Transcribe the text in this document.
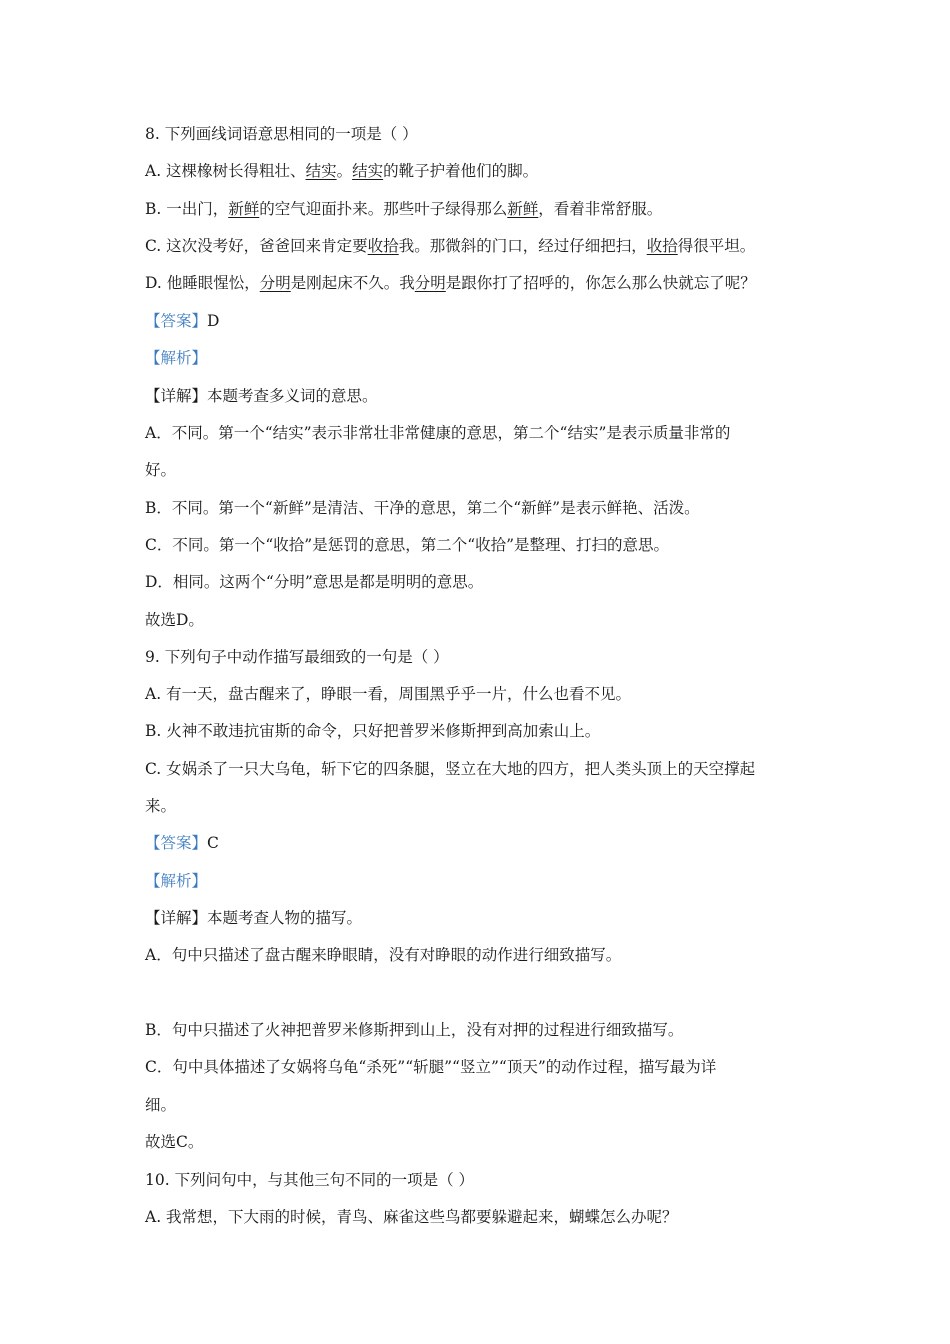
8. 下列画线词语意思相同的一项是（ ）
A. 这棵橡树长得粗壮、结实。结实的靴子护着他们的脚。
B. 一出门，新鲜的空气迎面扑来。那些叶子绿得那么新鲜，看着非常舒服。
C. 这次没考好，爸爸回来肯定要收拾我。那微斜的门口，经过仔细把扫，收拾得很平坦。
D. 他睡眼惺忪，分明是刚起床不久。我分明是跟你打了招呼的，你怎么那么快就忘了呢？
【答案】D
【解析】
【详解】本题考查多义词的意思。
A．不同。第一个“结实”表示非常壮非常健康的意思，第二个“结实”是表示质量非常的
好。
B．不同。第一个“新鲜”是清洁、干净的意思，第二个“新鲜”是表示鲜艳、活泼。
C．不同。第一个“收拾”是惩罚的意思，第二个“收拾”是整理、打扫的意思。
D．相同。这两个“分明”意思是都是明明的意思。
故选D。
9. 下列句子中动作描写最细致的一句是（ ）
A. 有一天，盘古醒来了，睁眼一看，周围黑乎乎一片，什么也看不见。
B. 火神不敢违抗宙斯的命令，只好把普罗米修斯押到高加索山上。
C. 女娲杀了一只大乌龟，斩下它的四条腿，竖立在大地的四方，把人类头顶上的天空撑起
来。
【答案】C
【解析】
【详解】本题考查人物的描写。
A．句中只描述了盘古醒来睁眼睛，没有对睁眼的动作进行细致描写。
B．句中只描述了火神把普罗米修斯押到山上，没有对押的过程进行细致描写。
C．句中具体描述了女娲将乌龟“杀死”“斩腿”“竖立”“顶天”的动作过程，描写最为详
细。
故选C。
10. 下列问句中，与其他三句不同的一项是（ ）
A. 我常想，下大雨的时候，青鸟、麻雀这些鸟都要躲避起来，蝴蝶怎么办呢？
